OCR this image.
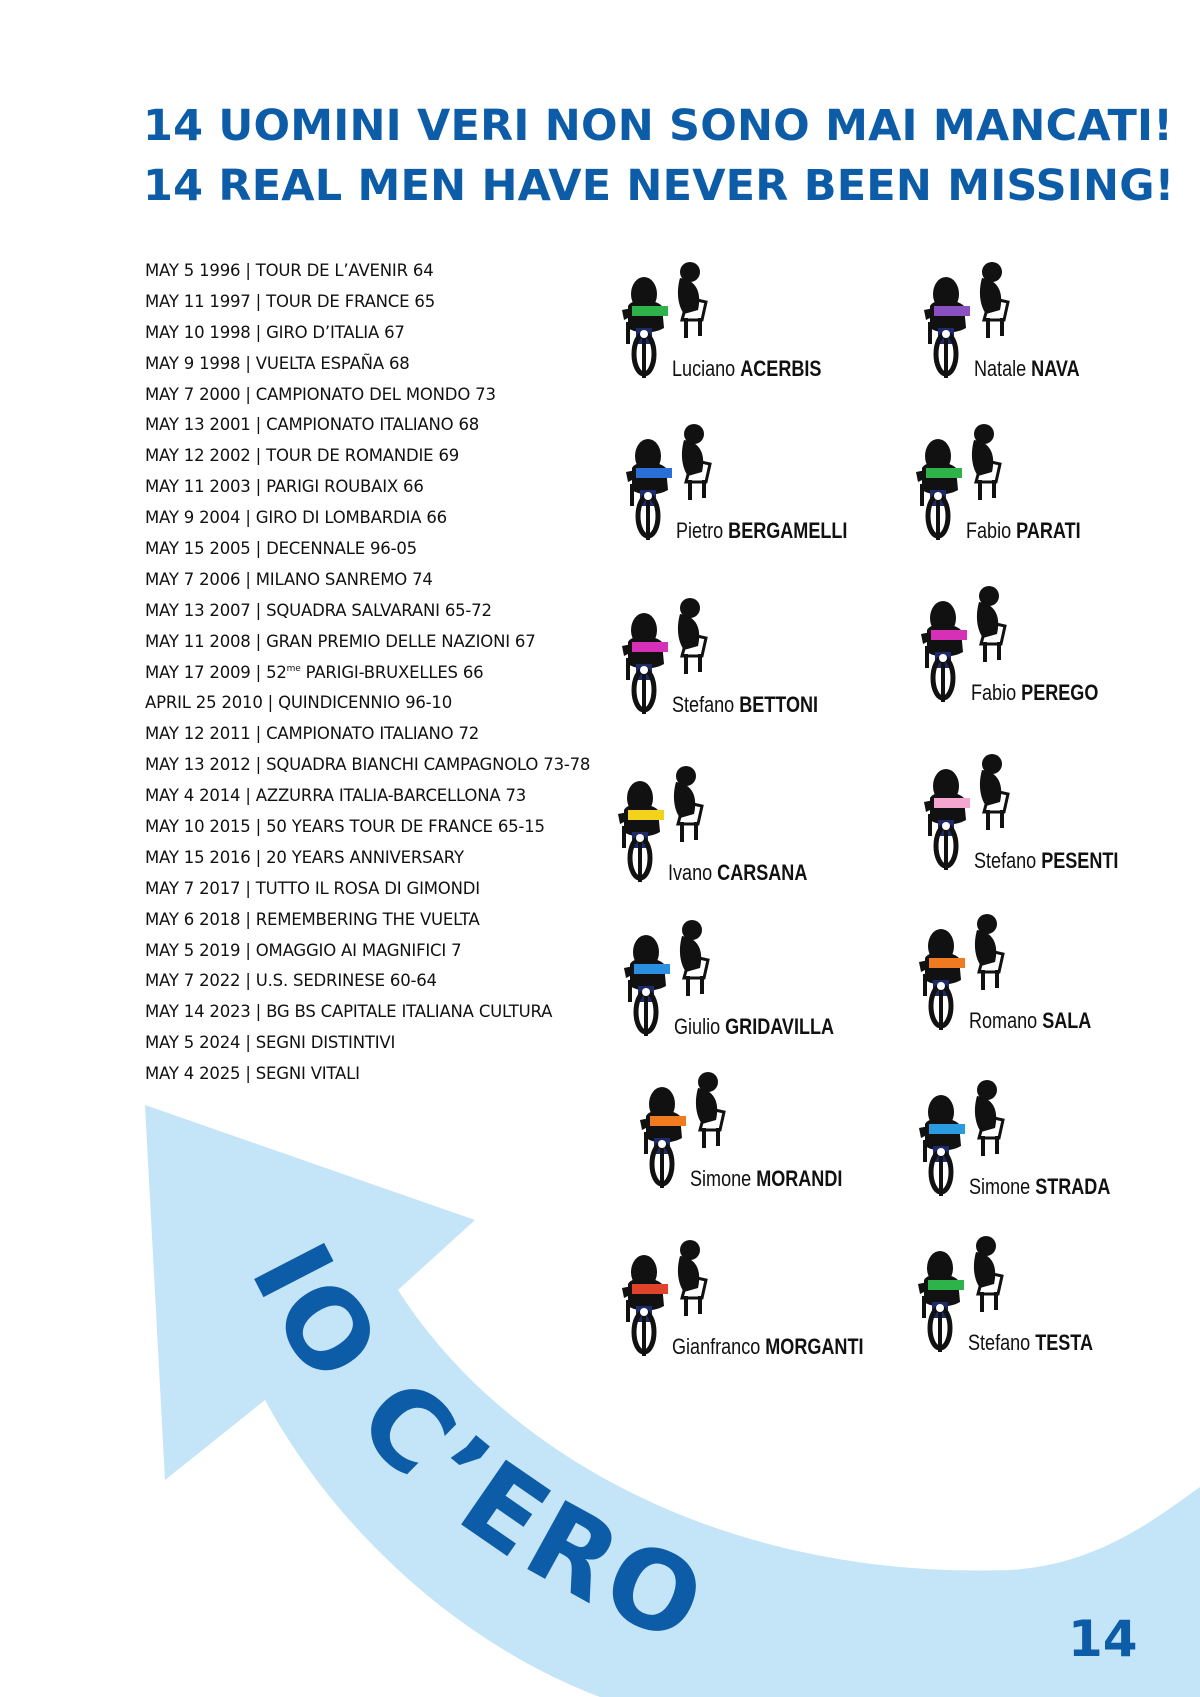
IO C’ERO
14 UOMINI VERI NON SONO MAI MANCATI!
14 REAL MEN HAVE NEVER BEEN MISSING!
MAY 5 1996 | TOUR DE L’AVENIR 64
MAY 11 1997 | TOUR DE FRANCE 65
MAY 10 1998 | GIRO D’ITALIA 67
MAY 9 1998 | VUELTA ESPAÑA 68
MAY 7 2000 | CAMPIONATO DEL MONDO 73
MAY 13 2001 | CAMPIONATO ITALIANO 68
MAY 12 2002 | TOUR DE ROMANDIE 69
MAY 11 2003 | PARIGI ROUBAIX 66
MAY 9 2004 | GIRO DI LOMBARDIA 66
MAY 15 2005 | DECENNALE 96-05
MAY 7 2006 | MILANO SANREMO 74
MAY 13 2007 | SQUADRA SALVARANI 65-72
MAY 11 2008 | GRAN PREMIO DELLE NAZIONI 67
MAY 17 2009 | $52^{me}$ PARIGI-BRUXELLES 66
APRIL 25 2010 | QUINDICENNIO 96-10
MAY 12 2011 | CAMPIONATO ITALIANO 72
MAY 13 2012 | SQUADRA BIANCHI CAMPAGNOLO 73-78
MAY 4 2014 | AZZURRA ITALIA-BARCELLONA 73
MAY 10 2015 | 50 YEARS TOUR DE FRANCE 65-15
MAY 15 2016 | 20 YEARS ANNIVERSARY
MAY 7 2017 | TUTTO IL ROSA DI GIMONDI
MAY 6 2018 | REMEMBERING THE VUELTA
MAY 5 2019 | OMAGGIO AI MAGNIFICI 7
MAY 7 2022 | U.S. SEDRINESE 60-64
MAY 14 2023 | BG BS CAPITALE ITALIANA CULTURA
MAY 5 2024 | SEGNI DISTINTIVI
MAY 4 2025 | SEGNI VITALI
Luciano ACERBIS	Natale NAVA
Pietro BERGAMELLI	Fabio PARATI
Stefano BETTONI	Fabio PEREGO
Ivano CARSANA	Stefano PESENTI
Giulio GRIDAVILLA	Romano SALA
Simone MORANDI	Simone STRADA
Gianfranco MORGANTI	Stefano TESTA
14
